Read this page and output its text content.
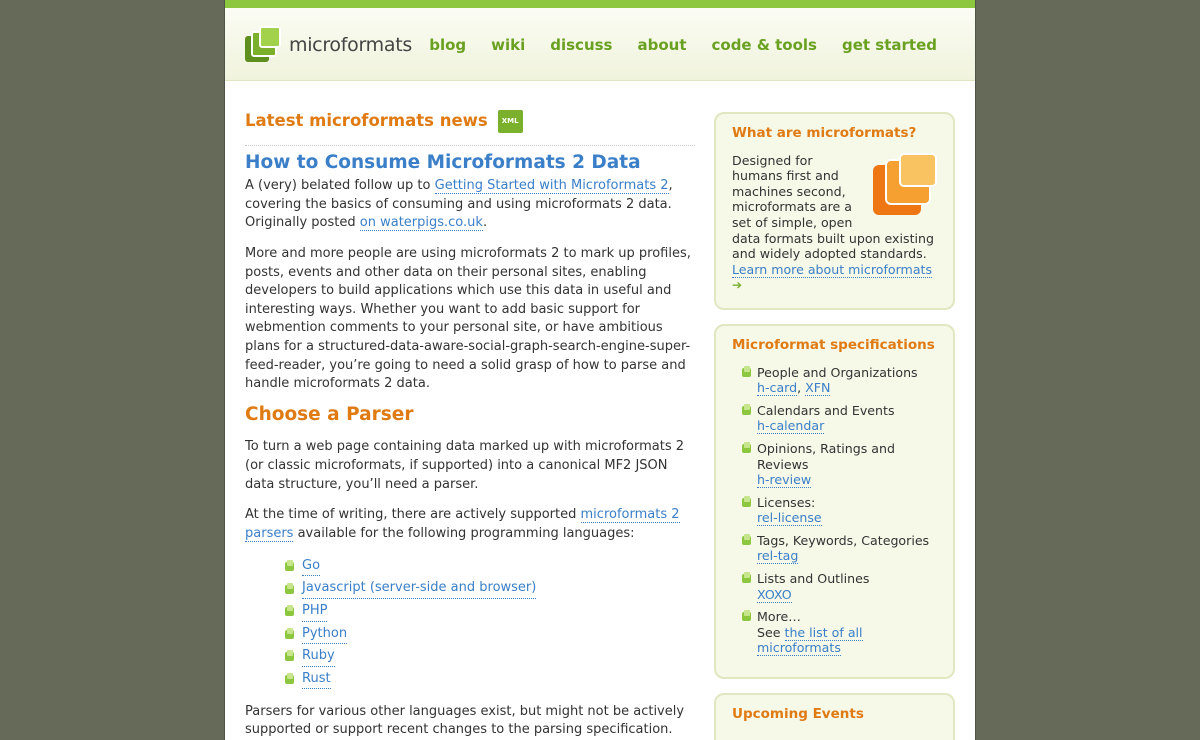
microformats blog wiki discuss about code & tools get started
Latest microformats news	XML
How to Consume Microformats 2 Data

A (very) belated follow up to Getting Started with Microformats 2, covering the basics of consuming and using microformats 2 data. Originally posted on waterpigs.co.uk.

More and more people are using microformats 2 to mark up profiles, posts, events and other data on their personal sites, enabling developers to build applications which use this data in useful and interesting ways. Whether you want to add basic support for webmention comments to your personal site, or have ambitious plans for a structured-data-aware-social-graph-search-engine-super-feed-reader, you’re going to need a solid grasp of how to parse and handle microformats 2 data.

Choose a Parser

To turn a web page containing data marked up with microformats 2 (or classic microformats, if supported) into a canonical MF2 JSON data structure, you’ll need a parser.

At the time of writing, there are actively supported microformats 2 parsers available for the following programming languages:

Go
Javascript (server-side and browser)
PHP
Python
Ruby
Rust

Parsers for various other languages exist, but might not be actively supported or support recent changes to the parsing specification.

What are microformats?
Designed for humans first and machines second, microformats are a set of simple, open data formats built upon existing and widely adopted standards. Learn more about microformats ➔
Microformat specifications
People and Organizations
h-card, XFN
Calendars and Events
h-calendar
Opinions, Ratings and Reviews
h-review
Licenses:
rel-license
Tags, Keywords, Categories
rel-tag
Lists and Outlines
XOXO
More…
See the list of all microformats
Upcoming Events
